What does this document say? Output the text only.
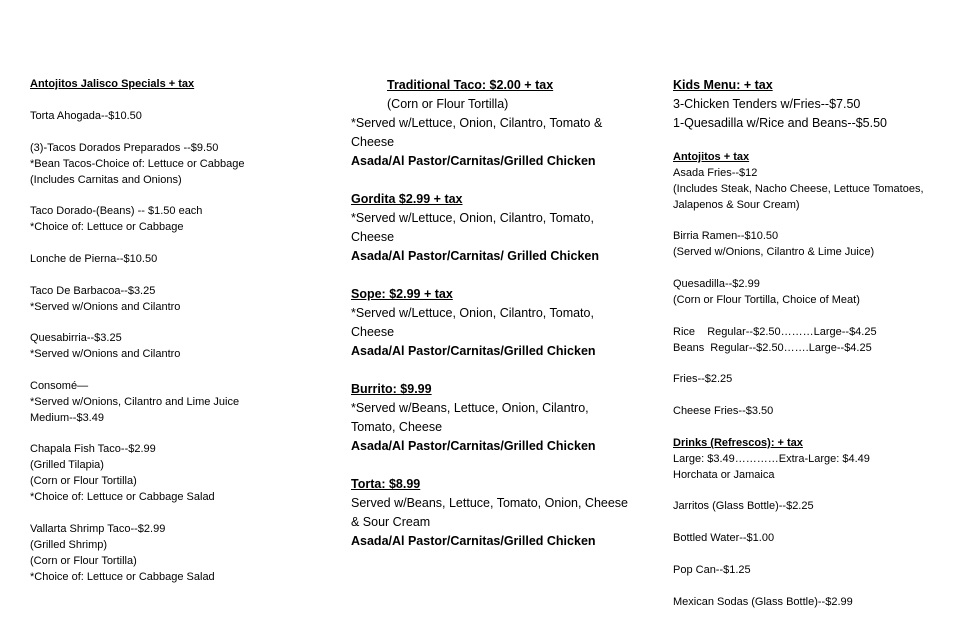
Antojitos Jalisco Specials + tax
Torta Ahogada--$10.50
(3)-Tacos Dorados Preparados --$9.50
*Bean Tacos-Choice of: Lettuce or Cabbage
(Includes Carnitas and Onions)
Taco Dorado-(Beans) -- $1.50 each
*Choice of: Lettuce or Cabbage
Lonche de Pierna--$10.50
Taco De Barbacoa--$3.25
*Served w/Onions and Cilantro
Quesabirria--$3.25
*Served w/Onions and Cilantro
Consomé—
*Served w/Onions, Cilantro and Lime Juice
Medium--$3.49
Chapala Fish Taco--$2.99
(Grilled Tilapia)
(Corn or Flour Tortilla)
*Choice of: Lettuce or Cabbage Salad
Vallarta Shrimp Taco--$2.99
(Grilled Shrimp)
(Corn or Flour Tortilla)
*Choice of: Lettuce or Cabbage Salad
Traditional Taco: $2.00 + tax
(Corn or Flour Tortilla)
*Served w/Lettuce, Onion, Cilantro, Tomato &
Cheese
Asada/Al Pastor/Carnitas/Grilled Chicken
Gordita $2.99 + tax
*Served w/Lettuce, Onion, Cilantro, Tomato,
Cheese
Asada/Al Pastor/Carnitas/ Grilled Chicken
Sope: $2.99 + tax
*Served w/Lettuce, Onion, Cilantro, Tomato,
Cheese
Asada/Al Pastor/Carnitas/Grilled Chicken
Burrito: $9.99
*Served w/Beans, Lettuce, Onion, Cilantro,
Tomato, Cheese
Asada/Al Pastor/Carnitas/Grilled Chicken
Torta: $8.99
Served w/Beans, Lettuce, Tomato, Onion, Cheese
& Sour Cream
Asada/Al Pastor/Carnitas/Grilled Chicken
Kids Menu: + tax
3-Chicken Tenders w/Fries--$7.50
1-Quesadilla w/Rice and Beans--$5.50
Antojitos + tax
Asada Fries--$12
(Includes Steak, Nacho Cheese, Lettuce Tomatoes,
Jalapenos & Sour Cream)
Birria Ramen--$10.50
(Served w/Onions, Cilantro & Lime Juice)
Quesadilla--$2.99
(Corn or Flour Tortilla, Choice of Meat)
Rice    Regular--$2.50………Large--$4.25
Beans  Regular--$2.50…….Large--$4.25
Fries--$2.25
Cheese Fries--$3.50
Drinks (Refrescos): + tax
Large: $3.49…………Extra-Large: $4.49
Horchata or Jamaica
Jarritos (Glass Bottle)--$2.25
Bottled Water--$1.00
Pop Can--$1.25
Mexican Sodas (Glass Bottle)--$2.99
